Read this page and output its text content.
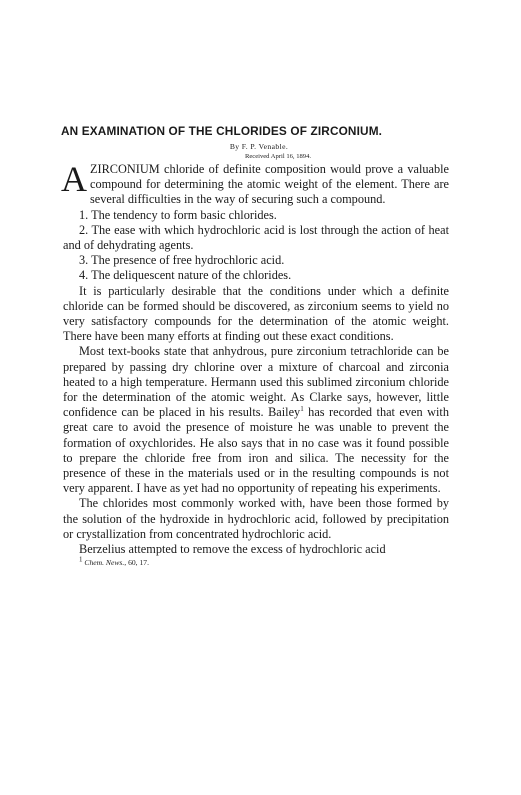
AN EXAMINATION OF THE CHLORIDES OF ZIRCONIUM.
By F. P. Venable.
Received April 16, 1894.

AZIRCONIUM chloride of definite composition would prove a valuable compound for determining the atomic weight of the element. There are several difficulties in the way of securing such a compound.

1. The tendency to form basic chlorides.

2. The ease with which hydrochloric acid is lost through the action of heat and of dehydrating agents.

3. The presence of free hydrochloric acid.

4. The deliquescent nature of the chlorides.

It is particularly desirable that the conditions under which a definite chloride can be formed should be discovered, as zirconium seems to yield no very satisfactory compounds for the determination of the atomic weight. There have been many efforts at finding out these exact conditions.

Most text-books state that anhydrous, pure zirconium tetrachloride can be prepared by passing dry chlorine over a mixture of charcoal and zirconia heated to a high temperature. Hermann used this sublimed zirconium chloride for the determination of the atomic weight. As Clarke says, however, little confidence can be placed in his results. Bailey$^1$ has recorded that even with great care to avoid the presence of moisture he was unable to prevent the formation of oxychlorides. He also says that in no case was it found possible to prepare the chloride free from iron and silica. The necessity for the presence of these in the materials used or in the resulting compounds is not very apparent. I have as yet had no opportunity of repeating his experiments.

The chlorides most commonly worked with, have been those formed by the solution of the hydroxide in hydrochloric acid, followed by precipitation or crystallization from concentrated hydrochloric acid.

Berzelius attempted to remove the excess of hydrochloric acid

$^1$ Chem. News., 60, 17.
